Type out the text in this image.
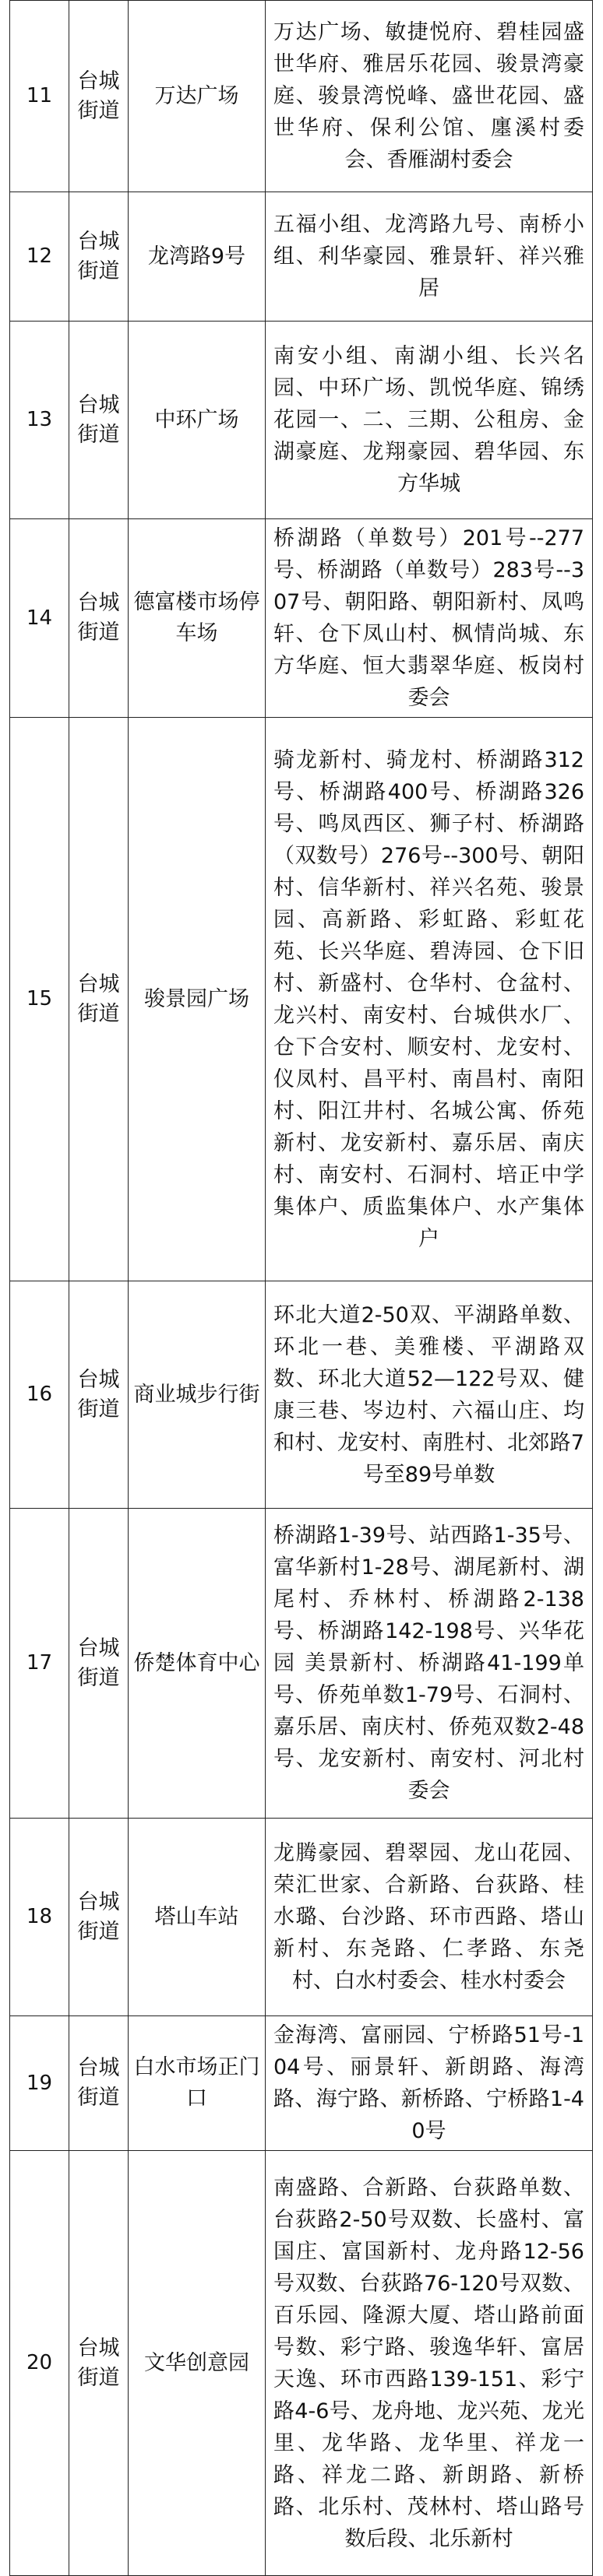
11	台城街道	万达广场	万达广场、敏捷悦府、碧桂园盛世华府、雅居乐花园、骏景湾豪庭、骏景湾悦峰、盛世花园、盛世华府、保利公馆、廛溪村委会、香雁湖村委会
12	台城街道	龙湾路9号	五福小组、龙湾路九号、南桥小组、利华豪园、雅景轩、祥兴雅居
13	台城街道	中环广场	南安小组、南湖小组、长兴名园、中环广场、凯悦华庭、锦绣花园一、二、三期、公租房、金湖豪庭、龙翔豪园、碧华园、东方华城
14	台城街道	德富楼市场停车场	桥湖路（单数号）201号--277号、桥湖路（单数号）283号--307号、朝阳路、朝阳新村、凤鸣轩、仓下凤山村、枫情尚城、东方华庭、恒大翡翠华庭、板岗村委会
15	台城街道	骏景园广场	骑龙新村、骑龙村、桥湖路312号、桥湖路400号、桥湖路326号、鸣凤西区、狮子村、桥湖路（双数号）276号--300号、朝阳村、信华新村、祥兴名苑、骏景园、高新路、彩虹路、彩虹花苑、长兴华庭、碧涛园、仓下旧村、新盛村、仓华村、仓盆村、龙兴村、南安村、台城供水厂、仓下合安村、顺安村、龙安村、仪凤村、昌平村、南昌村、南阳村、阳江井村、名城公寓、侨苑新村、龙安新村、嘉乐居、南庆村、南安村、石洞村、培正中学集体户、质监集体户、水产集体户
16	台城街道	商业城步行街	环北大道2-50双、平湖路单数、环北一巷、美雅楼、平湖路双数、环北大道52—122号双、健康三巷、岑边村、六福山庄、均和村、龙安村、南胜村、北郊路7号至89号单数
17	台城街道	侨楚体育中心	桥湖路1-39号、站西路1-35号、富华新村1-28号、湖尾新村、湖尾村、乔林村、桥湖路2-138号、桥湖路142-198号、兴华花园 美景新村、桥湖路41-199单号、侨苑单数1-79号、石洞村、嘉乐居、南庆村、侨苑双数2-48号、龙安新村、南安村、河北村委会
18	台城街道	塔山车站	龙腾豪园、碧翠园、龙山花园、荣汇世家、合新路、台荻路、桂水璐、台沙路、环市西路、塔山新村、东尧路、仁孝路、东尧村、白水村委会、桂水村委会
19	台城街道	白水市场正门口	金海湾、富丽园、宁桥路51号-104号、丽景轩、新朗路、海湾路、海宁路、新桥路、宁桥路1-40号
20	台城街道	文华创意园	南盛路、合新路、台荻路单数、台荻路2-50号双数、长盛村、富国庄、富国新村、龙舟路12-56号双数、台荻路76-120号双数、百乐园、隆源大厦、塔山路前面号数、彩宁路、骏逸华轩、富居天逸、环市西路139-151、彩宁路4-6号、龙舟地、龙兴苑、龙光里、龙华路、龙华里、祥龙一路、祥龙二路、新朗路、新桥路、北乐村、茂林村、塔山路号数后段、北乐新村
